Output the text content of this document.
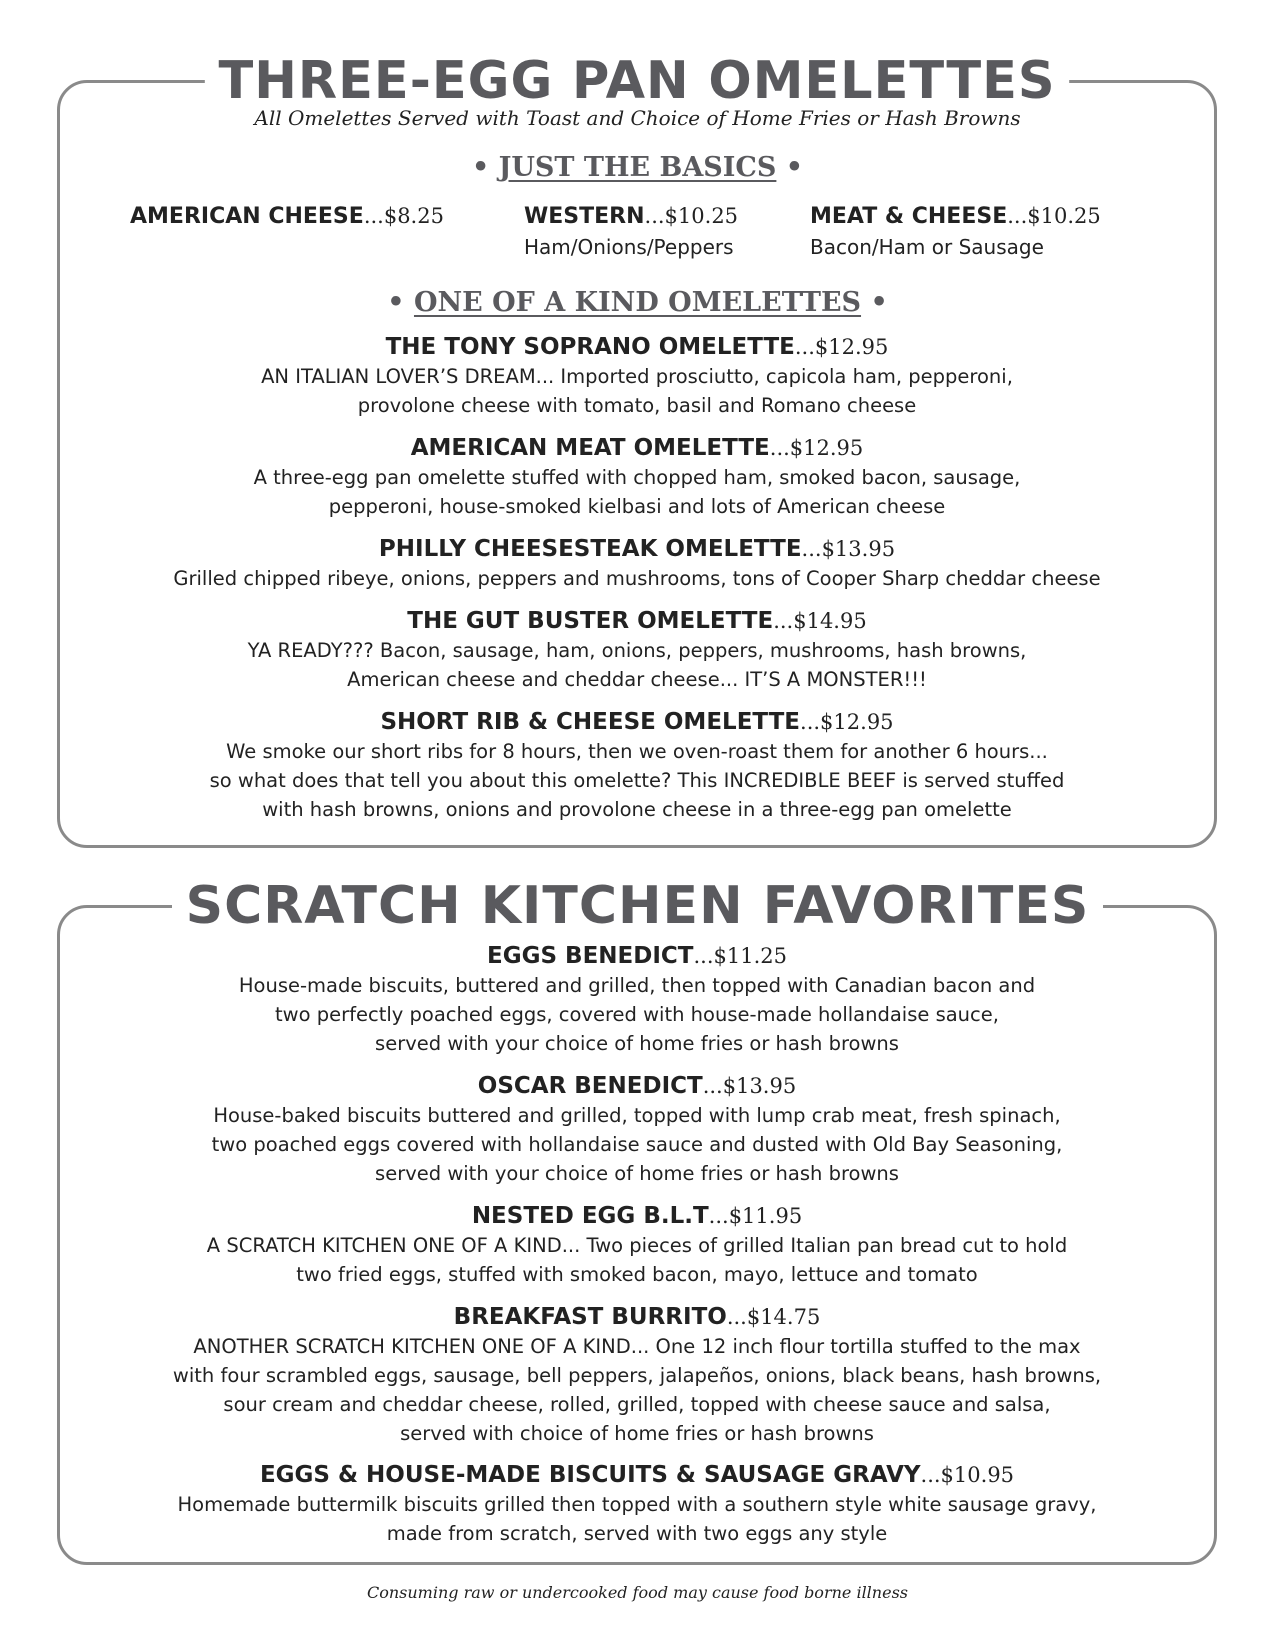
THREE-EGG PAN OMELETTES
All Omelettes Served with Toast and Choice of Home Fries or Hash Browns
• JUST THE BASICS •
AMERICAN CHEESE...$8.25	WESTERN...$10.25
Ham/Onions/Peppers
MEAT & CHEESE...$10.25
Bacon/Ham or Sausage
• ONE OF A KIND OMELETTES •
THE TONY SOPRANO OMELETTE...$12.95
AN ITALIAN LOVER’S DREAM... Imported prosciutto, capicola ham, pepperoni,
provolone cheese with tomato, basil and Romano cheese
AMERICAN MEAT OMELETTE...$12.95
A three-egg pan omelette stuffed with chopped ham, smoked bacon, sausage,
pepperoni, house-smoked kielbasi and lots of American cheese
PHILLY CHEESESTEAK OMELETTE...$13.95
Grilled chipped ribeye, onions, peppers and mushrooms, tons of Cooper Sharp cheddar cheese
THE GUT BUSTER OMELETTE...$14.95
YA READY??? Bacon, sausage, ham, onions, peppers, mushrooms, hash browns,
American cheese and cheddar cheese... IT’S A MONSTER!!!
SHORT RIB & CHEESE OMELETTE...$12.95
We smoke our short ribs for 8 hours, then we oven-roast them for another 6 hours...
so what does that tell you about this omelette? This INCREDIBLE BEEF is served stuffed
with hash browns, onions and provolone cheese in a three-egg pan omelette
SCRATCH KITCHEN FAVORITES
EGGS BENEDICT...$11.25
House-made biscuits, buttered and grilled, then topped with Canadian bacon and
two perfectly poached eggs, covered with house-made hollandaise sauce,
served with your choice of home fries or hash browns
OSCAR BENEDICT...$13.95
House-baked biscuits buttered and grilled, topped with lump crab meat, fresh spinach,
two poached eggs covered with hollandaise sauce and dusted with Old Bay Seasoning,
served with your choice of home fries or hash browns
NESTED EGG B.L.T...$11.95
A SCRATCH KITCHEN ONE OF A KIND... Two pieces of grilled Italian pan bread cut to hold
two fried eggs, stuffed with smoked bacon, mayo, lettuce and tomato
BREAKFAST BURRITO...$14.75
ANOTHER SCRATCH KITCHEN ONE OF A KIND... One 12 inch flour tortilla stuffed to the max
with four scrambled eggs, sausage, bell peppers, jalapeños, onions, black beans, hash browns,
sour cream and cheddar cheese, rolled, grilled, topped with cheese sauce and salsa,
served with choice of home fries or hash browns
EGGS & HOUSE-MADE BISCUITS & SAUSAGE GRAVY...$10.95
Homemade buttermilk biscuits grilled then topped with a southern style white sausage gravy,
made from scratch, served with two eggs any style
Consuming raw or undercooked food may cause food borne illness
